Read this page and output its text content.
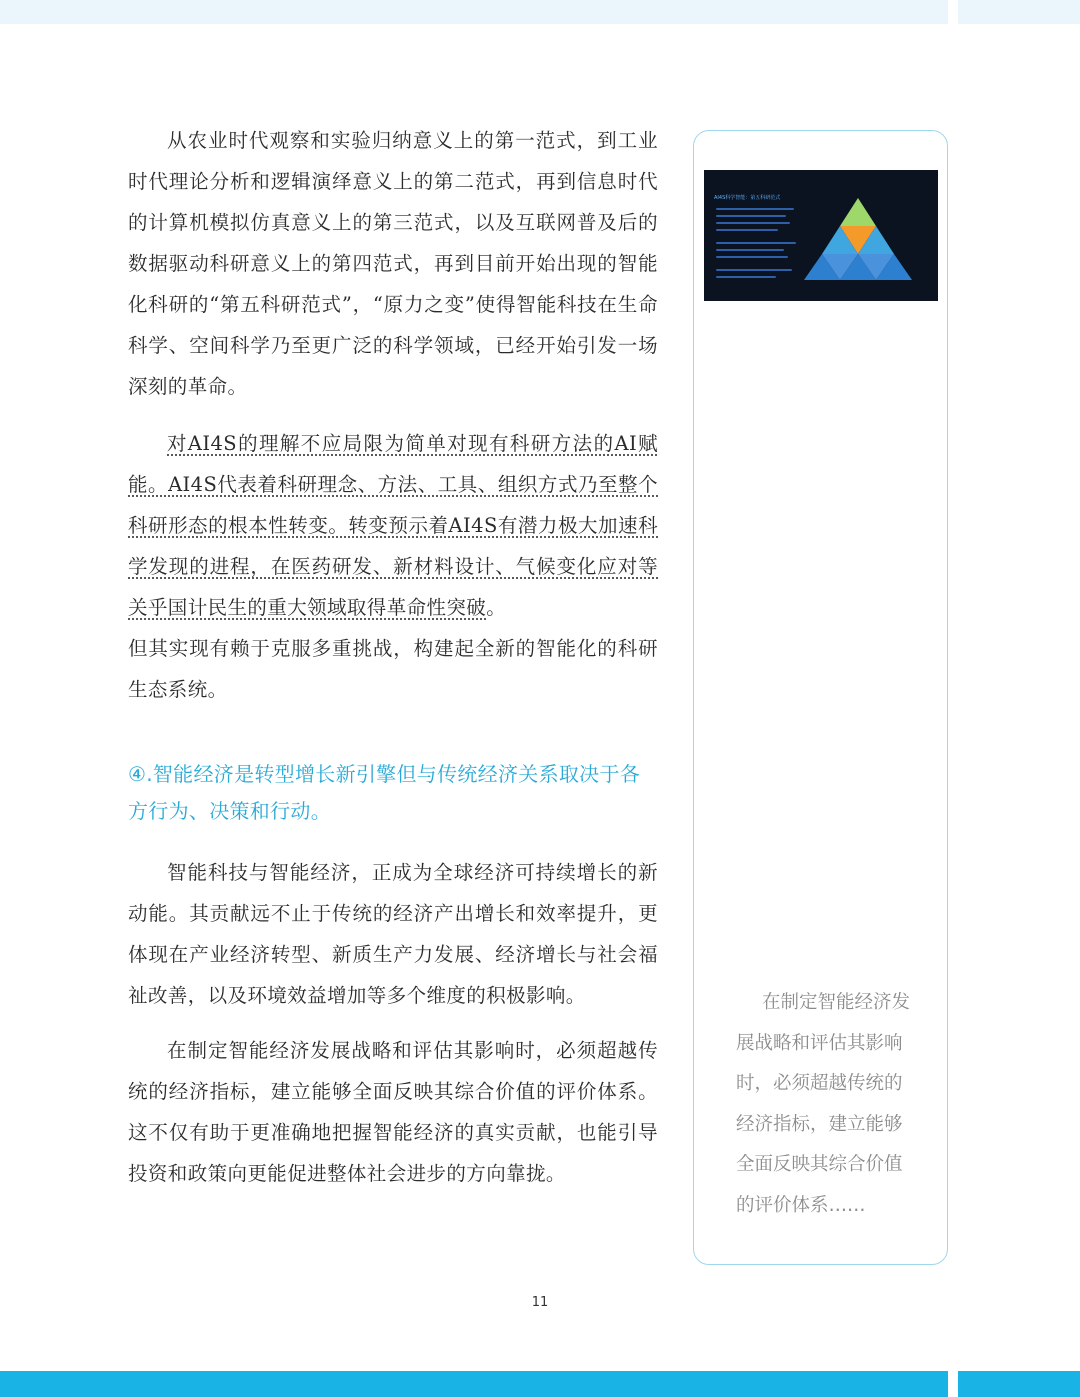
从农业时代观察和实验归纳意义上的第一范式，到工业时代理论分析和逻辑演绎意义上的第二范式，再到信息时代的计算机模拟仿真意义上的第三范式，以及互联网普及后的数据驱动科研意义上的第四范式，再到目前开始出现的智能化科研的“第五科研范式”，“原力之变”使得智能科技在生命科学、空间科学乃至更广泛的科学领域，已经开始引发一场深刻的革命。

对AI4S的理解不应局限为简单对现有科研方法的AI赋能。AI4S代表着科研理念、方法、工具、组织方式乃至整个科研形态的根本性转变。转变预示着AI4S有潜力极大加速科学发现的进程，在医药研发、新材料设计、气候变化应对等关乎国计民生的重大领域取得革命性突破。

但其实现有赖于克服多重挑战，构建起全新的智能化的科研生态系统。

④.智能经济是转型增长新引擎但与传统经济关系取决于各方行为、决策和行动。

智能科技与智能经济，正成为全球经济可持续增长的新动能。其贡献远不止于传统的经济产出增长和效率提升，更体现在产业经济转型、新质生产力发展、经济增长与社会福祉改善，以及环境效益增加等多个维度的积极影响。

在制定智能经济发展战略和评估其影响时，必须超越传统的经济指标，建立能够全面反映其综合价值的评价体系。这不仅有助于更准确地把握智能经济的真实贡献，也能引导投资和政策向更能促进整体社会进步的方向靠拢。

AI4S科学智能：第五科研范式
在制定智能经济发展战略和评估其影响时，必须超越传统的经济指标，建立能够全面反映其综合价值的评价体系……
11
